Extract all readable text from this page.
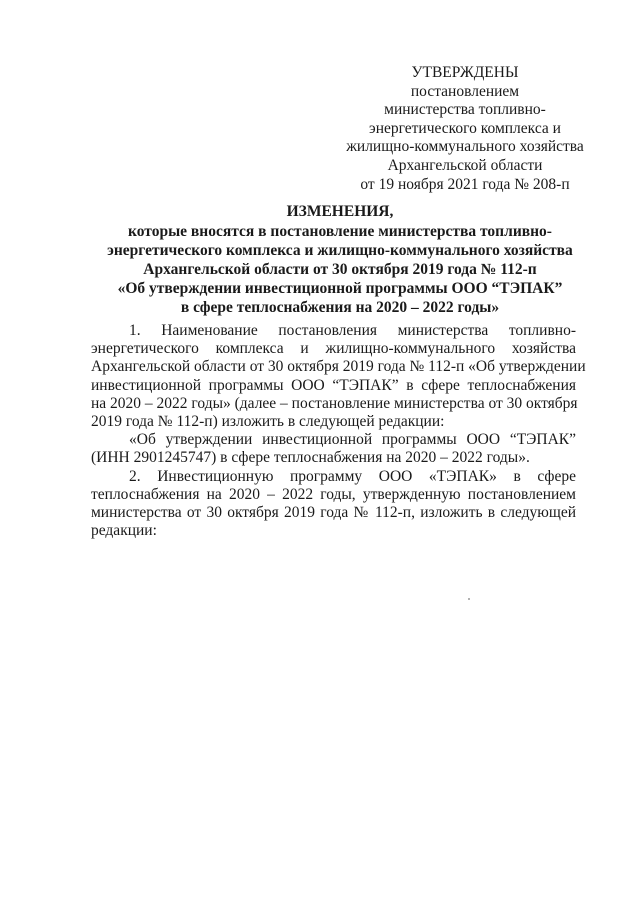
УТВЕРЖДЕНЫ
постановлением
министерства топливно-
энергетического комплекса и
жилищно-коммунального хозяйства
Архангельской области
от 19 ноября 2021 года № 208-п
ИЗМЕНЕНИЯ,
которые вносятся в постановление министерства топливно-
энергетического комплекса и жилищно-коммунального хозяйства
Архангельской области от 30 октября 2019 года № 112-п
«Об утверждении инвестиционной программы ООО “ТЭПАК”
в сфере теплоснабжения на 2020 – 2022 годы»
1. Наименование постановления министерства топливно-
энергетического комплекса и жилищно-коммунального хозяйства
Архангельской области от 30 октября 2019 года № 112-п «Об утверждении
инвестиционной программы ООО “ТЭПАК” в сфере теплоснабжения
на 2020 – 2022 годы» (далее – постановление министерства от 30 октября
2019 года № 112-п) изложить в следующей редакции:
«Об утверждении инвестиционной программы ООО “ТЭПАК”
(ИНН 2901245747) в сфере теплоснабжения на 2020 – 2022 годы».
2. Инвестиционную программу ООО «ТЭПАК» в сфере
теплоснабжения на 2020 – 2022 годы, утвержденную постановлением
министерства от 30 октября 2019 года № 112-п, изложить в следующей
редакции:
